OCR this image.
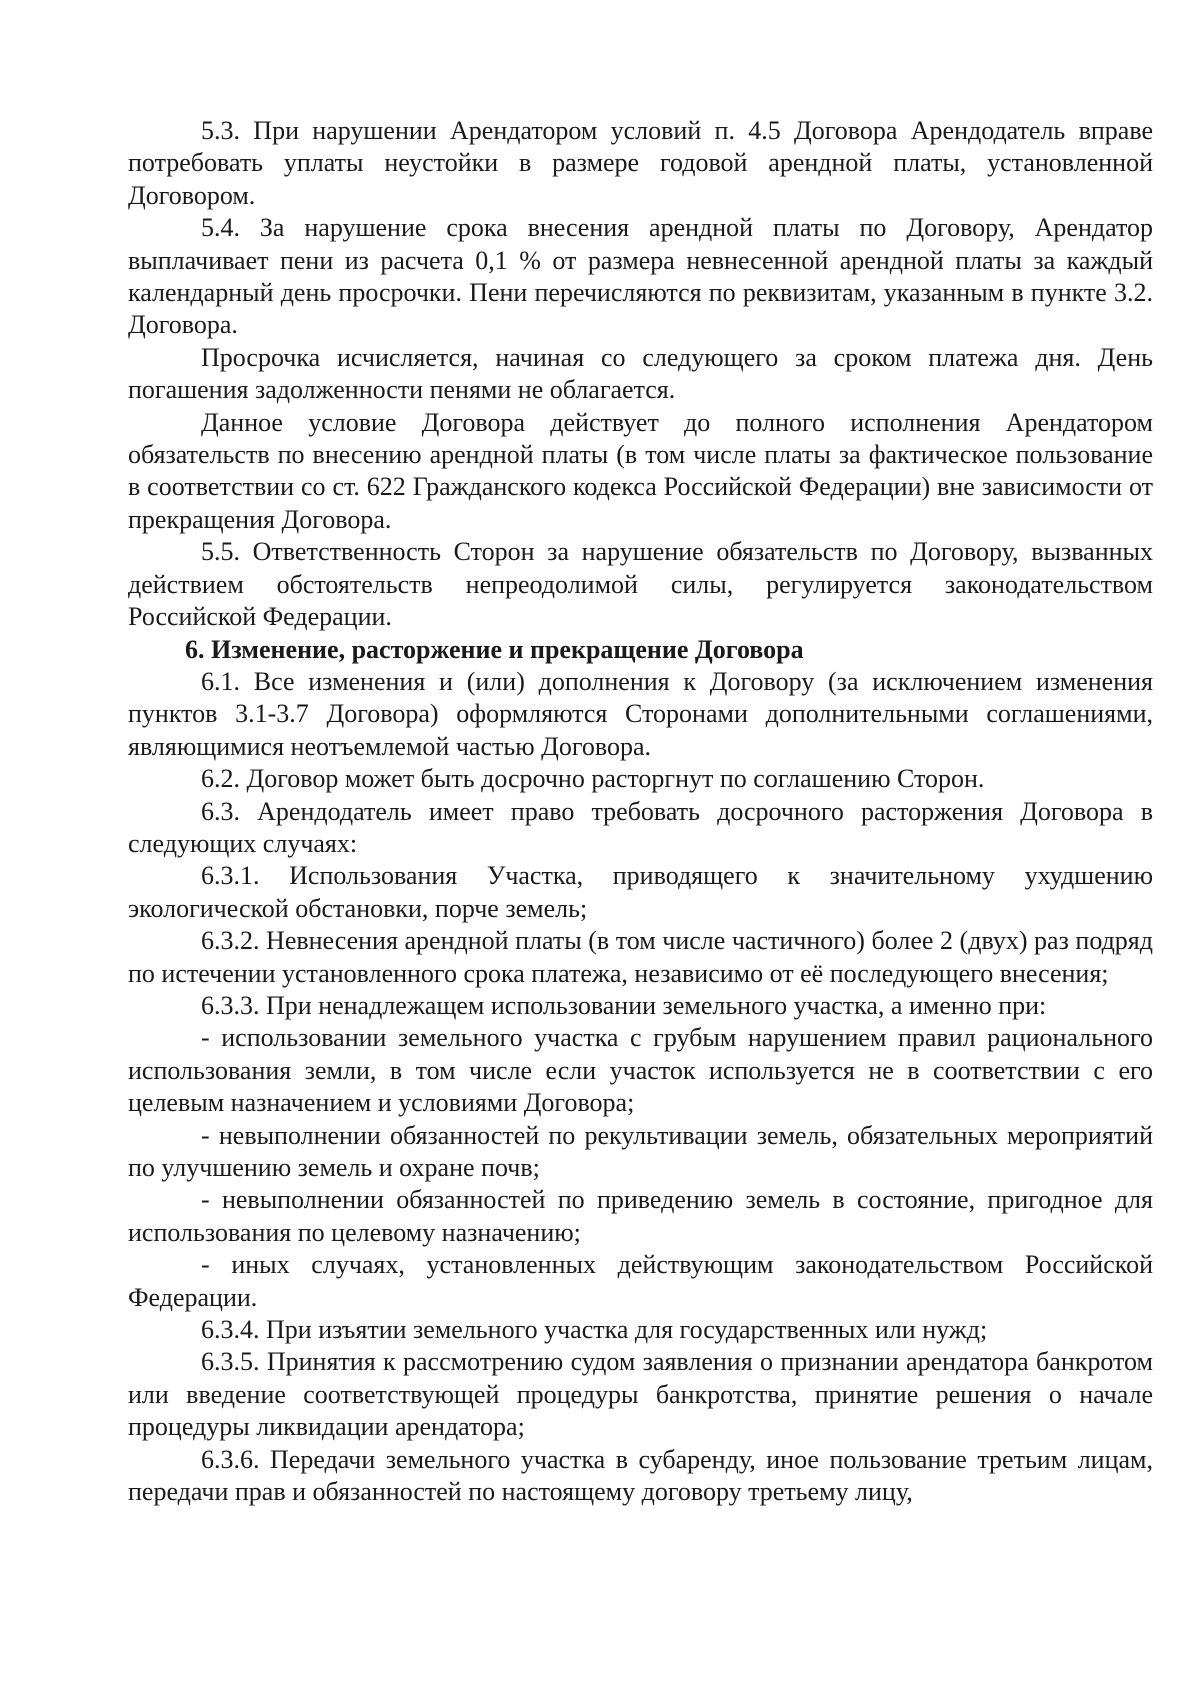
5.3. При нарушении Арендатором условий п. 4.5 Договора Арендодатель вправе потребовать уплаты неустойки в размере годовой арендной платы, установленной Договором.

5.4. За нарушение срока внесения арендной платы по Договору, Арендатор выплачивает пени из расчета 0,1 % от размера невнесенной арендной платы за каждый календарный день просрочки. Пени перечисляются по реквизитам, указанным в пункте 3.2. Договора.

Просрочка исчисляется, начиная со следующего за сроком платежа дня. День погашения задолженности пенями не облагается.

Данное условие Договора действует до полного исполнения Арендатором обязательств по внесению арендной платы (в том числе платы за фактическое пользование в соответствии со ст. 622 Гражданского кодекса Российской Федерации) вне зависимости от прекращения Договора.

5.5. Ответственность Сторон за нарушение обязательств по Договору, вызванных действием обстоятельств непреодолимой силы, регулируется законодательством Российской Федерации.

6. Изменение, расторжение и прекращение Договора

6.1. Все изменения и (или) дополнения к Договору (за исключением изменения пунктов 3.1-3.7 Договора) оформляются Сторонами дополнительными соглашениями, являющимися неотъемлемой частью Договора.

6.2. Договор может быть досрочно расторгнут по соглашению Сторон.

6.3. Арендодатель имеет право требовать досрочного расторжения Договора в следующих случаях:

6.3.1. Использования Участка, приводящего к значительному ухудшению экологической обстановки, порче земель;

6.3.2. Невнесения арендной платы (в том числе частичного) более 2 (двух) раз подряд по истечении установленного срока платежа, независимо от её последующего внесения;

6.3.3. При ненадлежащем использовании земельного участка, а именно при:

- использовании земельного участка с грубым нарушением правил рационального использования земли, в том числе если участок используется не в соответствии с его целевым назначением и условиями Договора;

- невыполнении обязанностей по рекультивации земель, обязательных мероприятий по улучшению земель и охране почв;

- невыполнении обязанностей по приведению земель в состояние, пригодное для использования по целевому назначению;

- иных случаях, установленных действующим законодательством Российской Федерации.

6.3.4. При изъятии земельного участка для государственных или нужд;

6.3.5. Принятия к рассмотрению судом заявления о признании арендатора банкротом или введение соответствующей процедуры банкротства, принятие решения о начале процедуры ликвидации арендатора;

6.3.6. Передачи земельного участка в субаренду, иное пользование третьим лицам, передачи прав и обязанностей по настоящему договору третьему лицу,
